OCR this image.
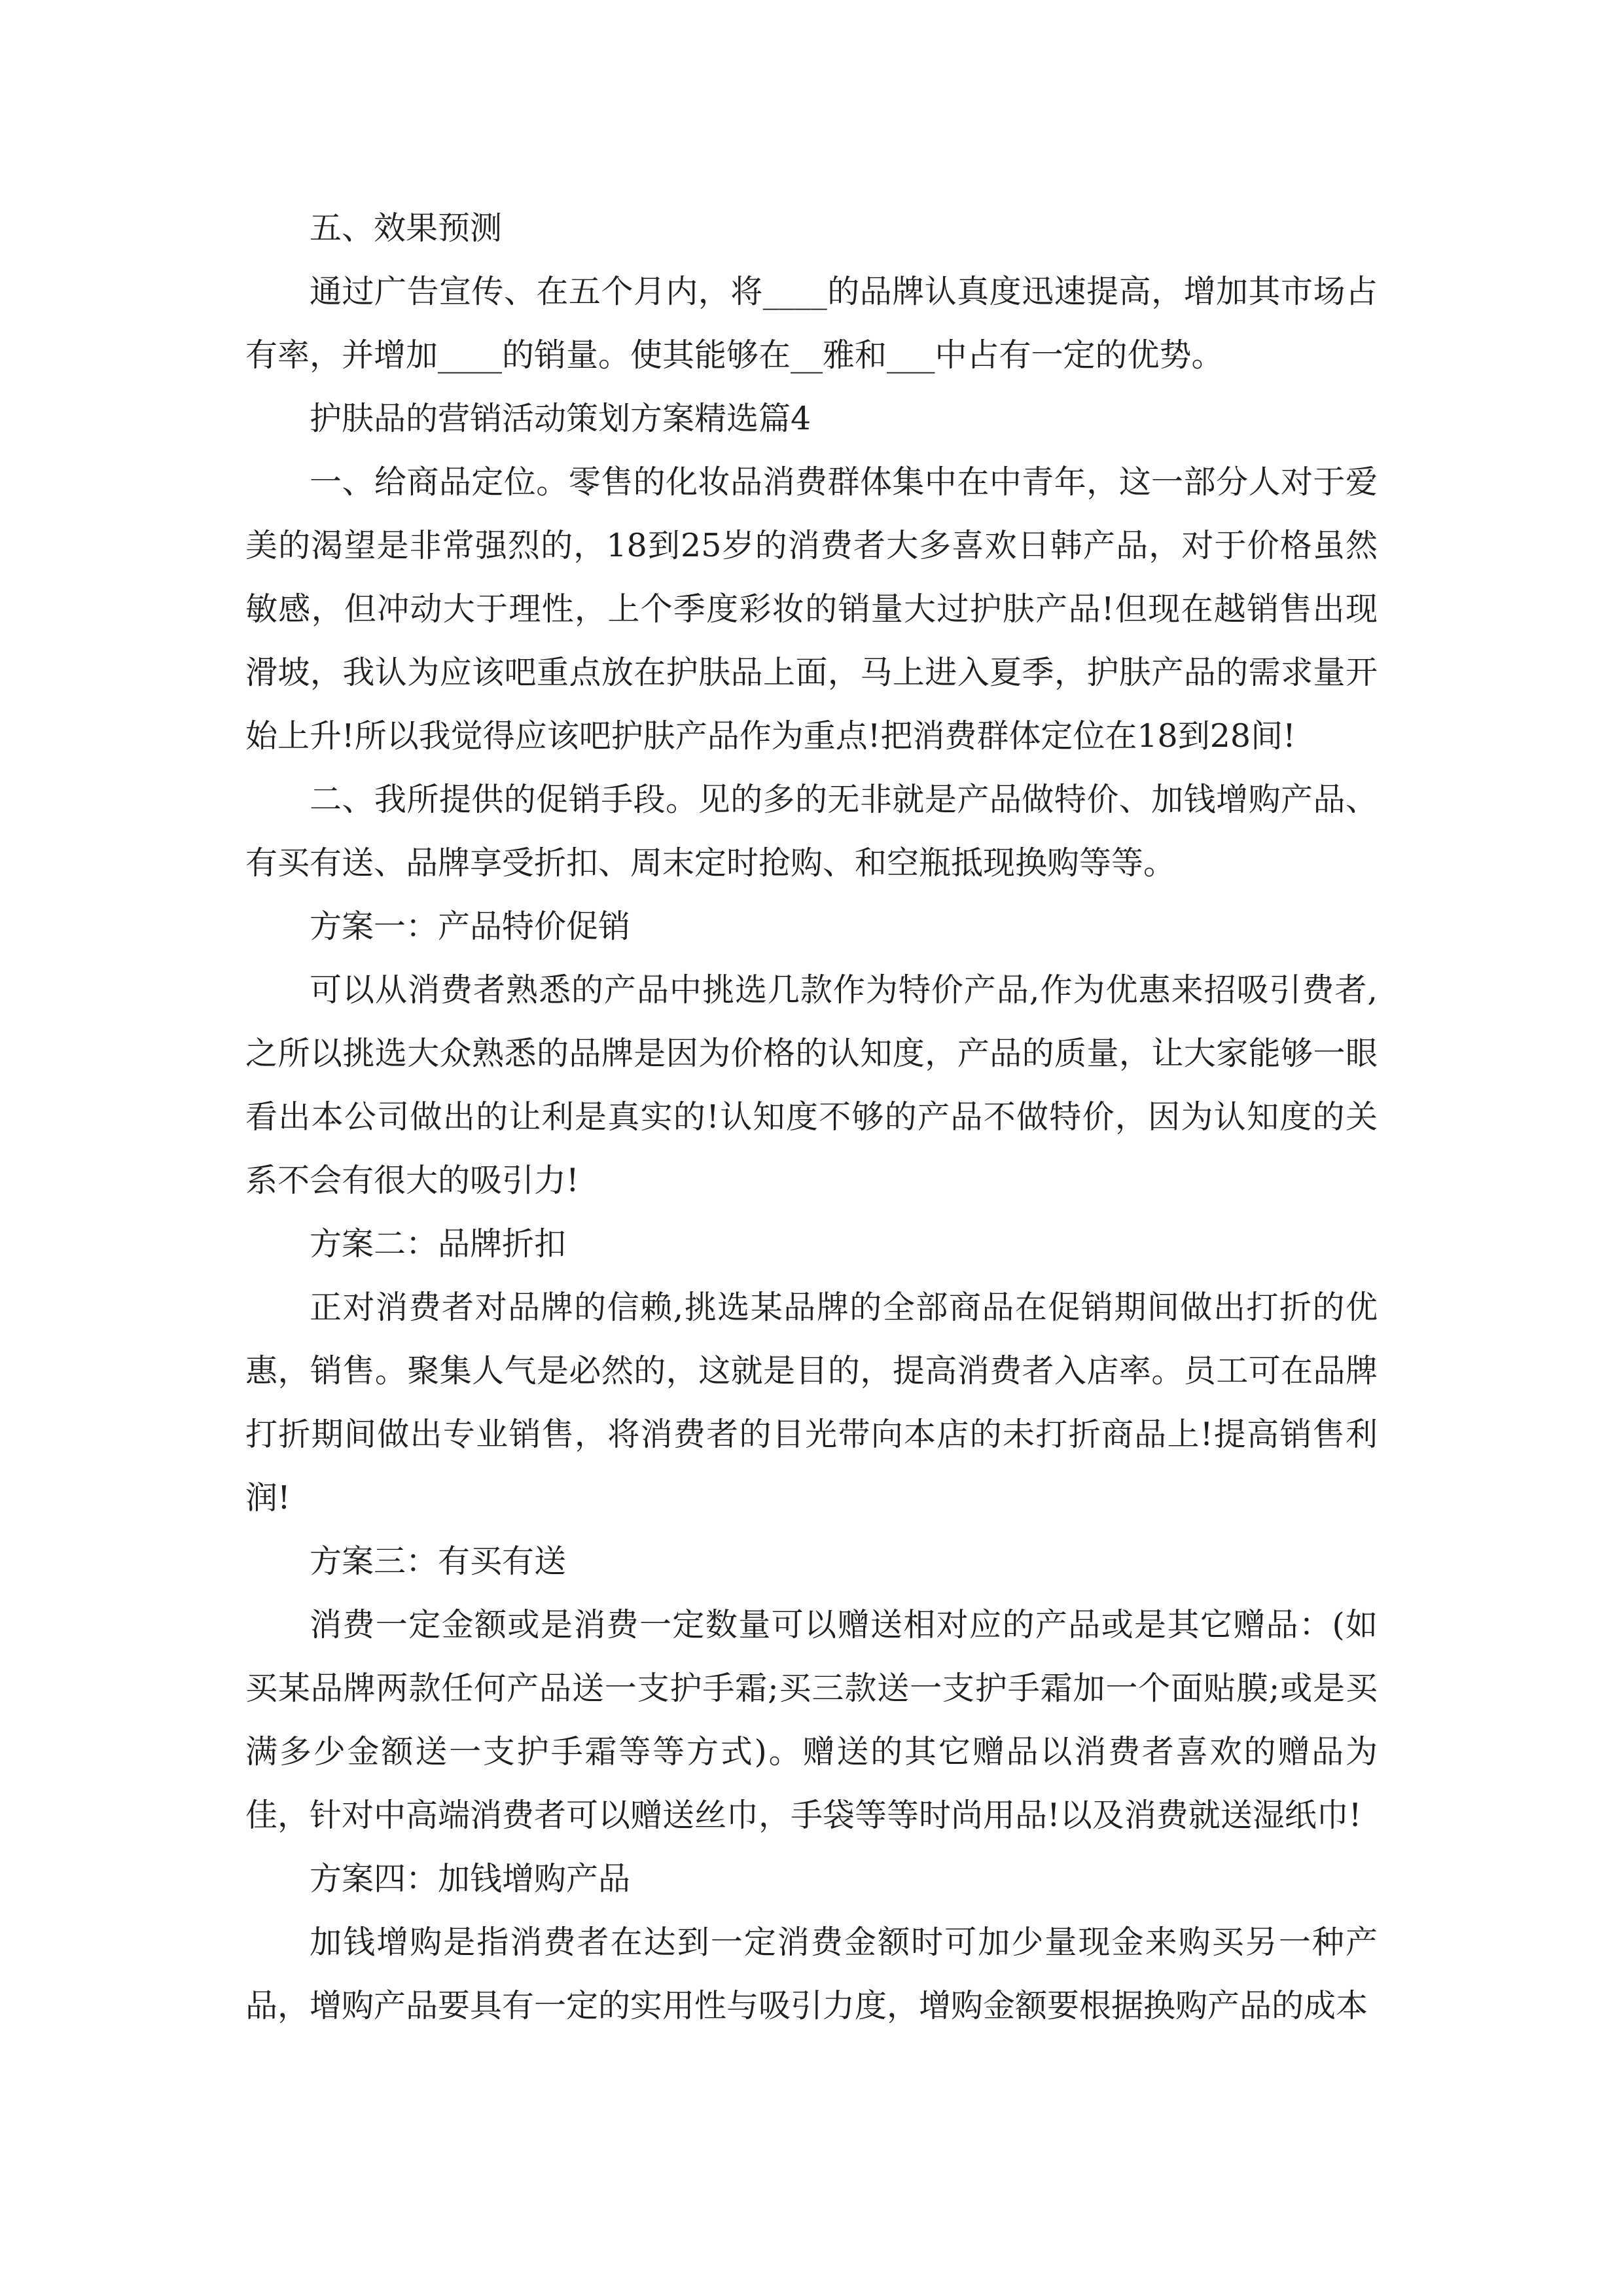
五、效果预测

通过广告宣传、在五个月内，将____的品牌认真度迅速提高，增加其市场占有率，并增加____的销量。使其能够在__雅和___中占有一定的优势。

护肤品的营销活动策划方案精选篇4

一、给商品定位。零售的化妆品消费群体集中在中青年，这一部分人对于爱美的渴望是非常强烈的，18到25岁的消费者大多喜欢日韩产品，对于价格虽然敏感，但冲动大于理性，上个季度彩妆的销量大过护肤产品!但现在越销售出现滑坡，我认为应该吧重点放在护肤品上面，马上进入夏季，护肤产品的需求量开始上升!所以我觉得应该吧护肤产品作为重点!把消费群体定位在18到28间!

二、我所提供的促销手段。见的多的无非就是产品做特价、加钱增购产品、有买有送、品牌享受折扣、周末定时抢购、和空瓶抵现换购等等。

方案一：产品特价促销

可以从消费者熟悉的产品中挑选几款作为特价产品,作为优惠来招吸引费者,之所以挑选大众熟悉的品牌是因为价格的认知度，产品的质量，让大家能够一眼看出本公司做出的让利是真实的!认知度不够的产品不做特价，因为认知度的关系不会有很大的吸引力!

方案二：品牌折扣

正对消费者对品牌的信赖,挑选某品牌的全部商品在促销期间做出打折的优惠，销售。聚集人气是必然的，这就是目的，提高消费者入店率。员工可在品牌打折期间做出专业销售，将消费者的目光带向本店的未打折商品上!提高销售利润!

方案三：有买有送

消费一定金额或是消费一定数量可以赠送相对应的产品或是其它赠品：(如买某品牌两款任何产品送一支护手霜;买三款送一支护手霜加一个面贴膜;或是买满多少金额送一支护手霜等等方式)。赠送的其它赠品以消费者喜欢的赠品为佳，针对中高端消费者可以赠送丝巾，手袋等等时尚用品!以及消费就送湿纸巾!

方案四：加钱增购产品

加钱增购是指消费者在达到一定消费金额时可加少量现金来购买另一种产品，增购产品要具有一定的实用性与吸引力度，增购金额要根据换购产品的成本
